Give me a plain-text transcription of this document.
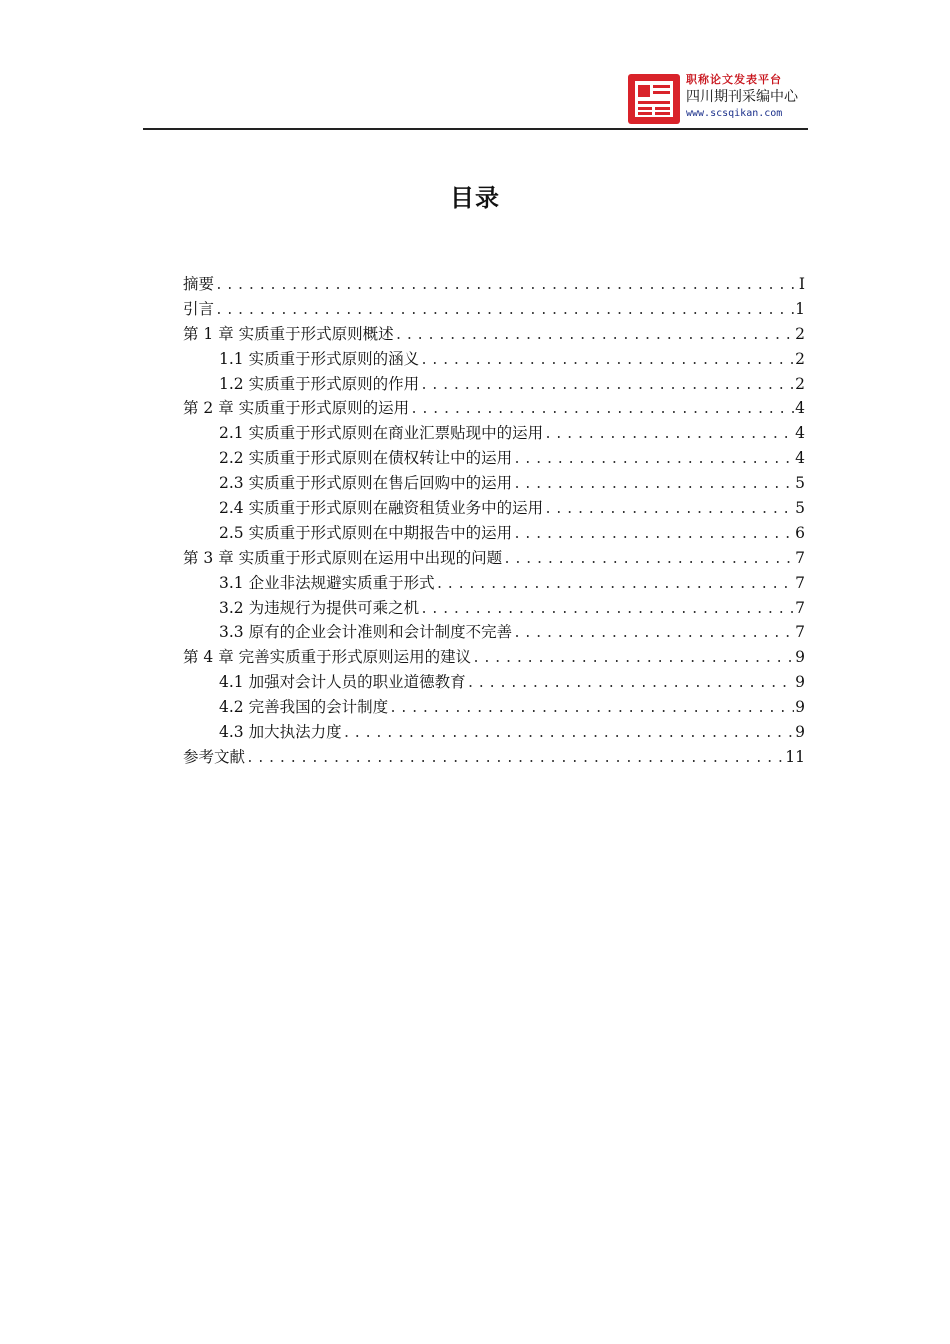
职称论文发表平台
四川期刊采编中心
www.scsqikan.com
目录
摘要 .....	I
引言 .....	1
第 1 章 实质重于形式原则概述 .....	2
1.1 实质重于形式原则的涵义 .....	2
1.2 实质重于形式原则的作用 .....	2
第 2 章 实质重于形式原则的运用 .....	4
2.1 实质重于形式原则在商业汇票贴现中的运用 .....	4
2.2 实质重于形式原则在债权转让中的运用 .....	4
2.3 实质重于形式原则在售后回购中的运用 .....	5
2.4 实质重于形式原则在融资租赁业务中的运用 .....	5
2.5 实质重于形式原则在中期报告中的运用 .....	6
第 3 章 实质重于形式原则在运用中出现的问题 .....	7
3.1 企业非法规避实质重于形式 .....	7
3.2 为违规行为提供可乘之机 .....	7
3.3 原有的企业会计准则和会计制度不完善 .....	7
第 4 章 完善实质重于形式原则运用的建议 .....	9
4.1 加强对会计人员的职业道德教育 .....	9
4.2 完善我国的会计制度 .....	9
4.3 加大执法力度 .....	9
参考文献 .....	11
